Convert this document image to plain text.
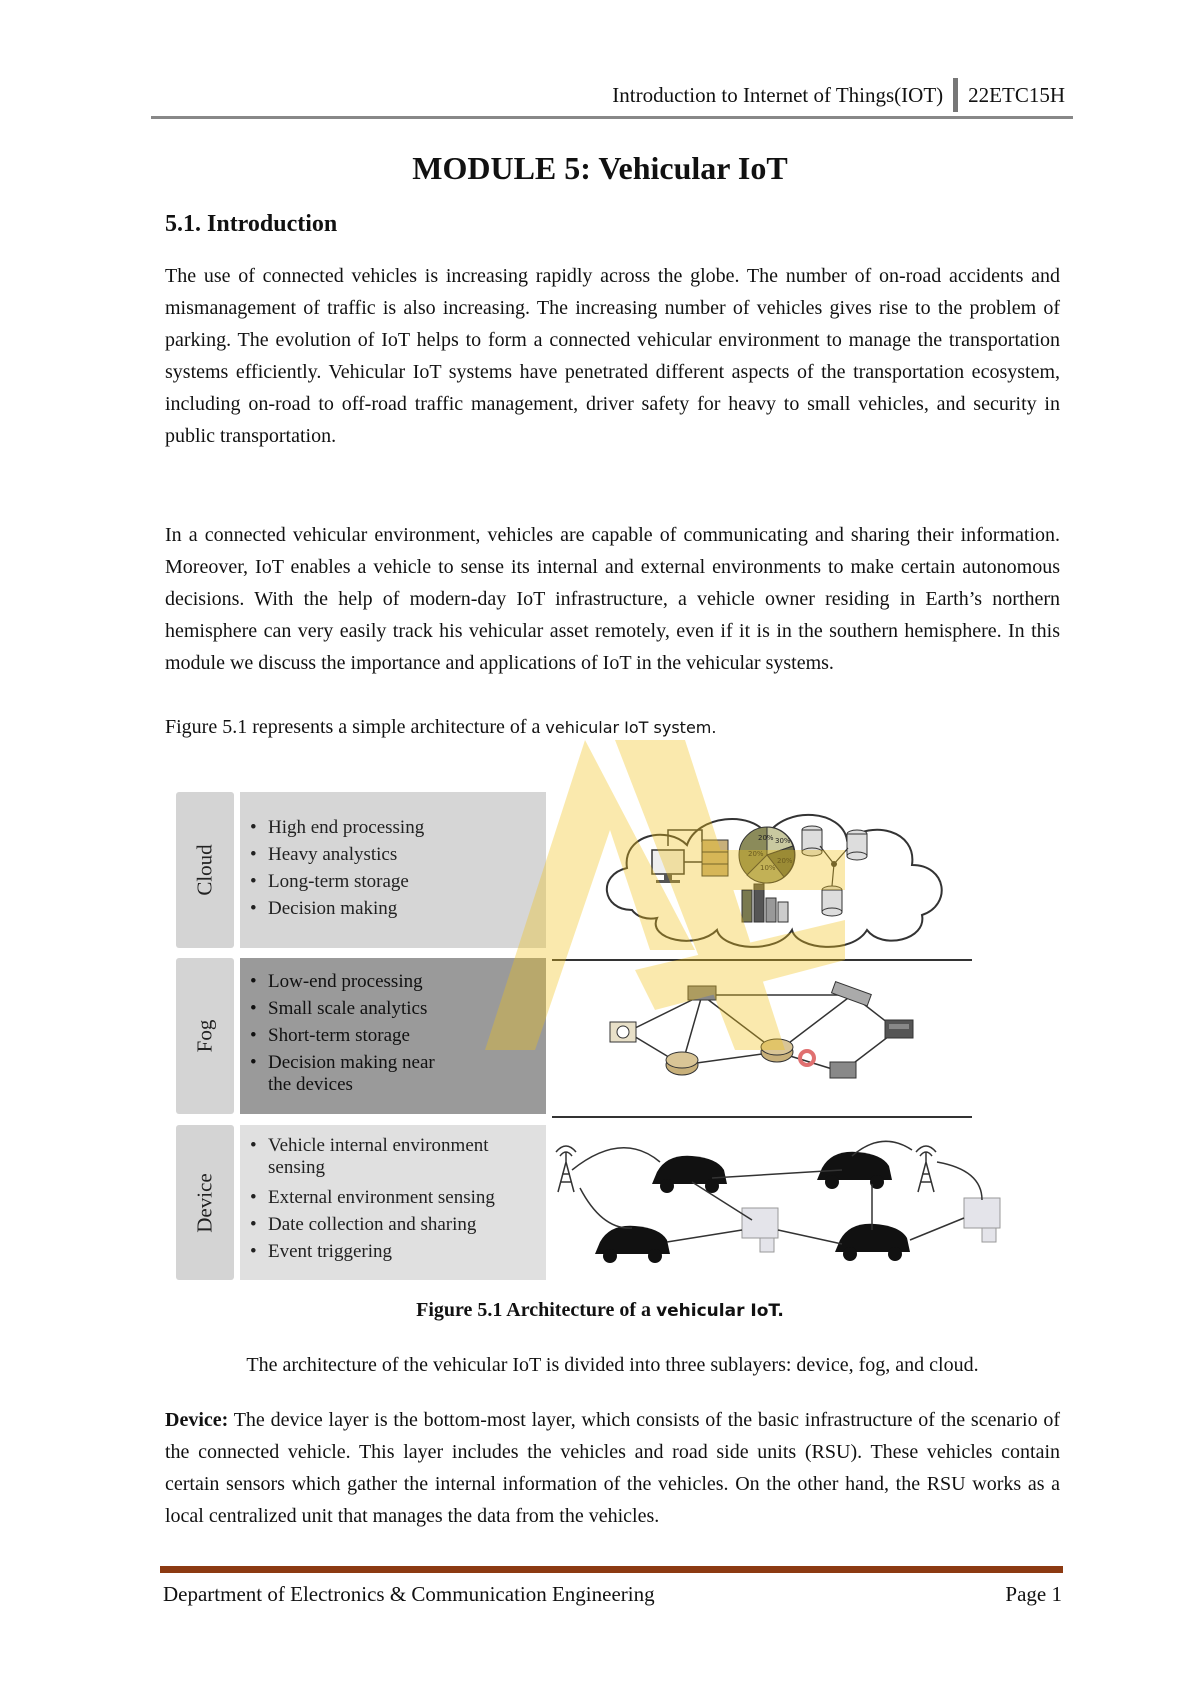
Introduction to Internet of Things(IOT) 22ETC15H
MODULE 5: Vehicular IoT
5.1. Introduction

The use of connected vehicles is increasing rapidly across the globe. The number of on-road accidents and mismanagement of traffic is also increasing. The increasing number of vehicles gives rise to the problem of parking. The evolution of IoT helps to form a connected vehicular environment to manage the transportation systems efficiently. Vehicular IoT systems have penetrated different aspects of the transportation ecosystem, including on-road to off-road traffic management, driver safety for heavy to small vehicles, and security in public transportation.

In a connected vehicular environment, vehicles are capable of communicating and sharing their information. Moreover, IoT enables a vehicle to sense its internal and external environments to make certain autonomous decisions. With the help of modern-day IoT infrastructure, a vehicle owner residing in Earth’s northern hemisphere can very easily track his vehicular asset remotely, even if it is in the southern hemisphere. In this module we discuss the importance and applications of IoT in the vehicular systems.

Figure 5.1 represents a simple architecture of a vehicular IoT system.

Cloud
• High end processing
• Heavy analystics
• Long-term storage
• Decision making
Fog
• Low-end processing
• Small scale analytics
• Short-term storage
• Decision making near the devices
Device
• Vehicle internal environment sensing
• External environment sensing
• Date collection and sharing
• Event triggering
20% 30%
20%
10%
20%
Figure 5.1 Architecture of a vehicular IoT.

The architecture of the vehicular IoT is divided into three sublayers: device, fog, and cloud.

Device: The device layer is the bottom-most layer, which consists of the basic infrastructure of the scenario of the connected vehicle. This layer includes the vehicles and road side units (RSU). These vehicles contain certain sensors which gather the internal information of the vehicles. On the other hand, the RSU works as a local centralized unit that manages the data from the vehicles.

Department of Electronics & Communication Engineering	Page 1
